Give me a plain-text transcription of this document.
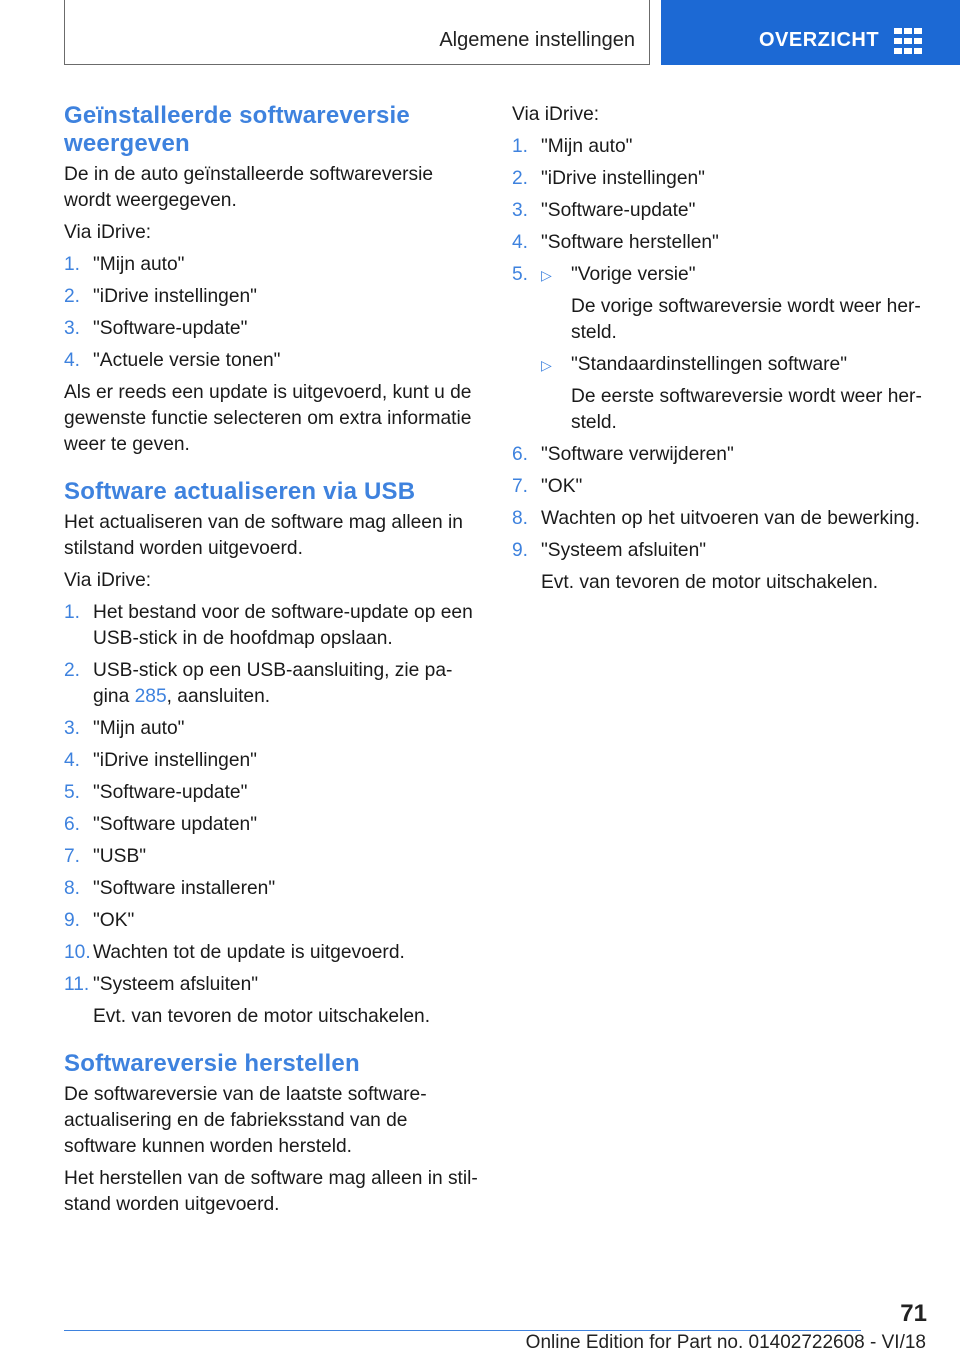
Algemene instellingen	OVERZICHT
Geïnstalleerde softwareversie weergeven

De in de auto geïnstalleerde softwareversie wordt weergegeven.

Via iDrive:

1. "Mijn auto"
2. "iDrive instellingen"
3. "Software-update"
4. "Actuele versie tonen"

Als er reeds een update is uitgevoerd, kunt u de gewenste functie selecteren om extra informatie weer te geven.

Software actualiseren via USB

Het actualiseren van de software mag alleen in stilstand worden uitgevoerd.

Via iDrive:

1. Het bestand voor de software-update op een USB-stick in de hoofdmap opslaan.
2. USB-stick op een USB-aansluiting, zie pagina 285, aansluiten.
3. "Mijn auto"
4. "iDrive instellingen"
5. "Software-update"
6. "Software updaten"
7. "USB"
8. "Software installeren"
9. "OK"
10. Wachten tot de update is uitgevoerd.
11. "Systeem afsluiten"
Evt. van tevoren de motor uitschakelen.
Softwareversie herstellen

De softwareversie van de laatste software-actualisering en de fabrieksstand van de software kunnen worden hersteld.

Het herstellen van de software mag alleen in stilstand worden uitgevoerd.

Via iDrive:

1. "Mijn auto"
2. "iDrive instellingen"
3. "Software-update"
4. "Software herstellen"
5. ▷ "Vorige versie"
De vorige softwareversie wordt weer hersteld.
▷ "Standaardinstellingen software"
De eerste softwareversie wordt weer hersteld.
6. "Software verwijderen"
7. "OK"
8. Wachten op het uitvoeren van de bewerking.
9. "Systeem afsluiten"
Evt. van tevoren de motor uitschakelen.
71
Online Edition for Part no. 01402722608 - VI/18
